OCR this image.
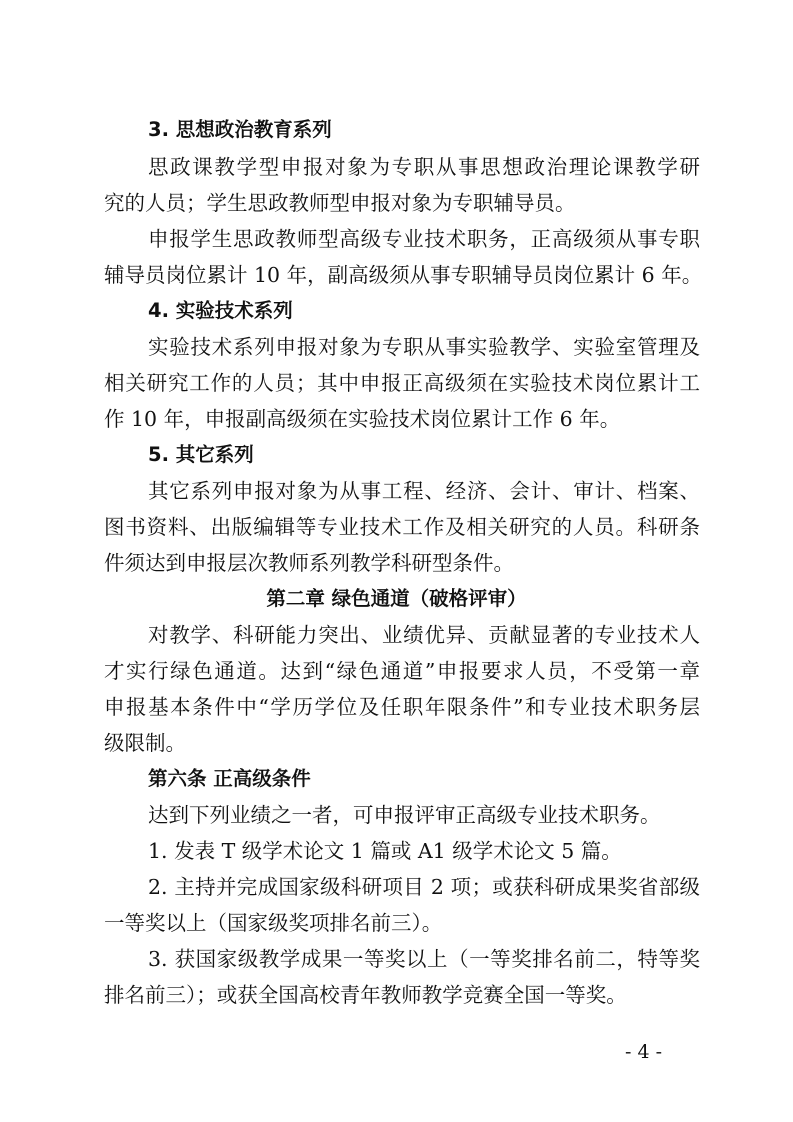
3. 思想政治教育系列
思政课教学型申报对象为专职从事思想政治理论课教学研
究的人员；学生思政教师型申报对象为专职辅导员。
申报学生思政教师型高级专业技术职务，正高级须从事专职
辅导员岗位累计 10 年，副高级须从事专职辅导员岗位累计 6 年。
4. 实验技术系列
实验技术系列申报对象为专职从事实验教学、实验室管理及
相关研究工作的人员；其中申报正高级须在实验技术岗位累计工
作 10 年，申报副高级须在实验技术岗位累计工作 6 年。
5. 其它系列
其它系列申报对象为从事工程、经济、会计、审计、档案、
图书资料、出版编辑等专业技术工作及相关研究的人员。科研条
件须达到申报层次教师系列教学科研型条件。
第二章 绿色通道（破格评审）
对教学、科研能力突出、业绩优异、贡献显著的专业技术人
才实行绿色通道。达到“绿色通道”申报要求人员，不受第一章
申报基本条件中“学历学位及任职年限条件”和专业技术职务层
级限制。
第六条 正高级条件
达到下列业绩之一者，可申报评审正高级专业技术职务。
1. 发表 T 级学术论文 1 篇或 A1 级学术论文 5 篇。
2. 主持并完成国家级科研项目 2 项；或获科研成果奖省部级
一等奖以上（国家级奖项排名前三）。
3. 获国家级教学成果一等奖以上（一等奖排名前二，特等奖
排名前三）；或获全国高校青年教师教学竞赛全国一等奖。
- 4 -
